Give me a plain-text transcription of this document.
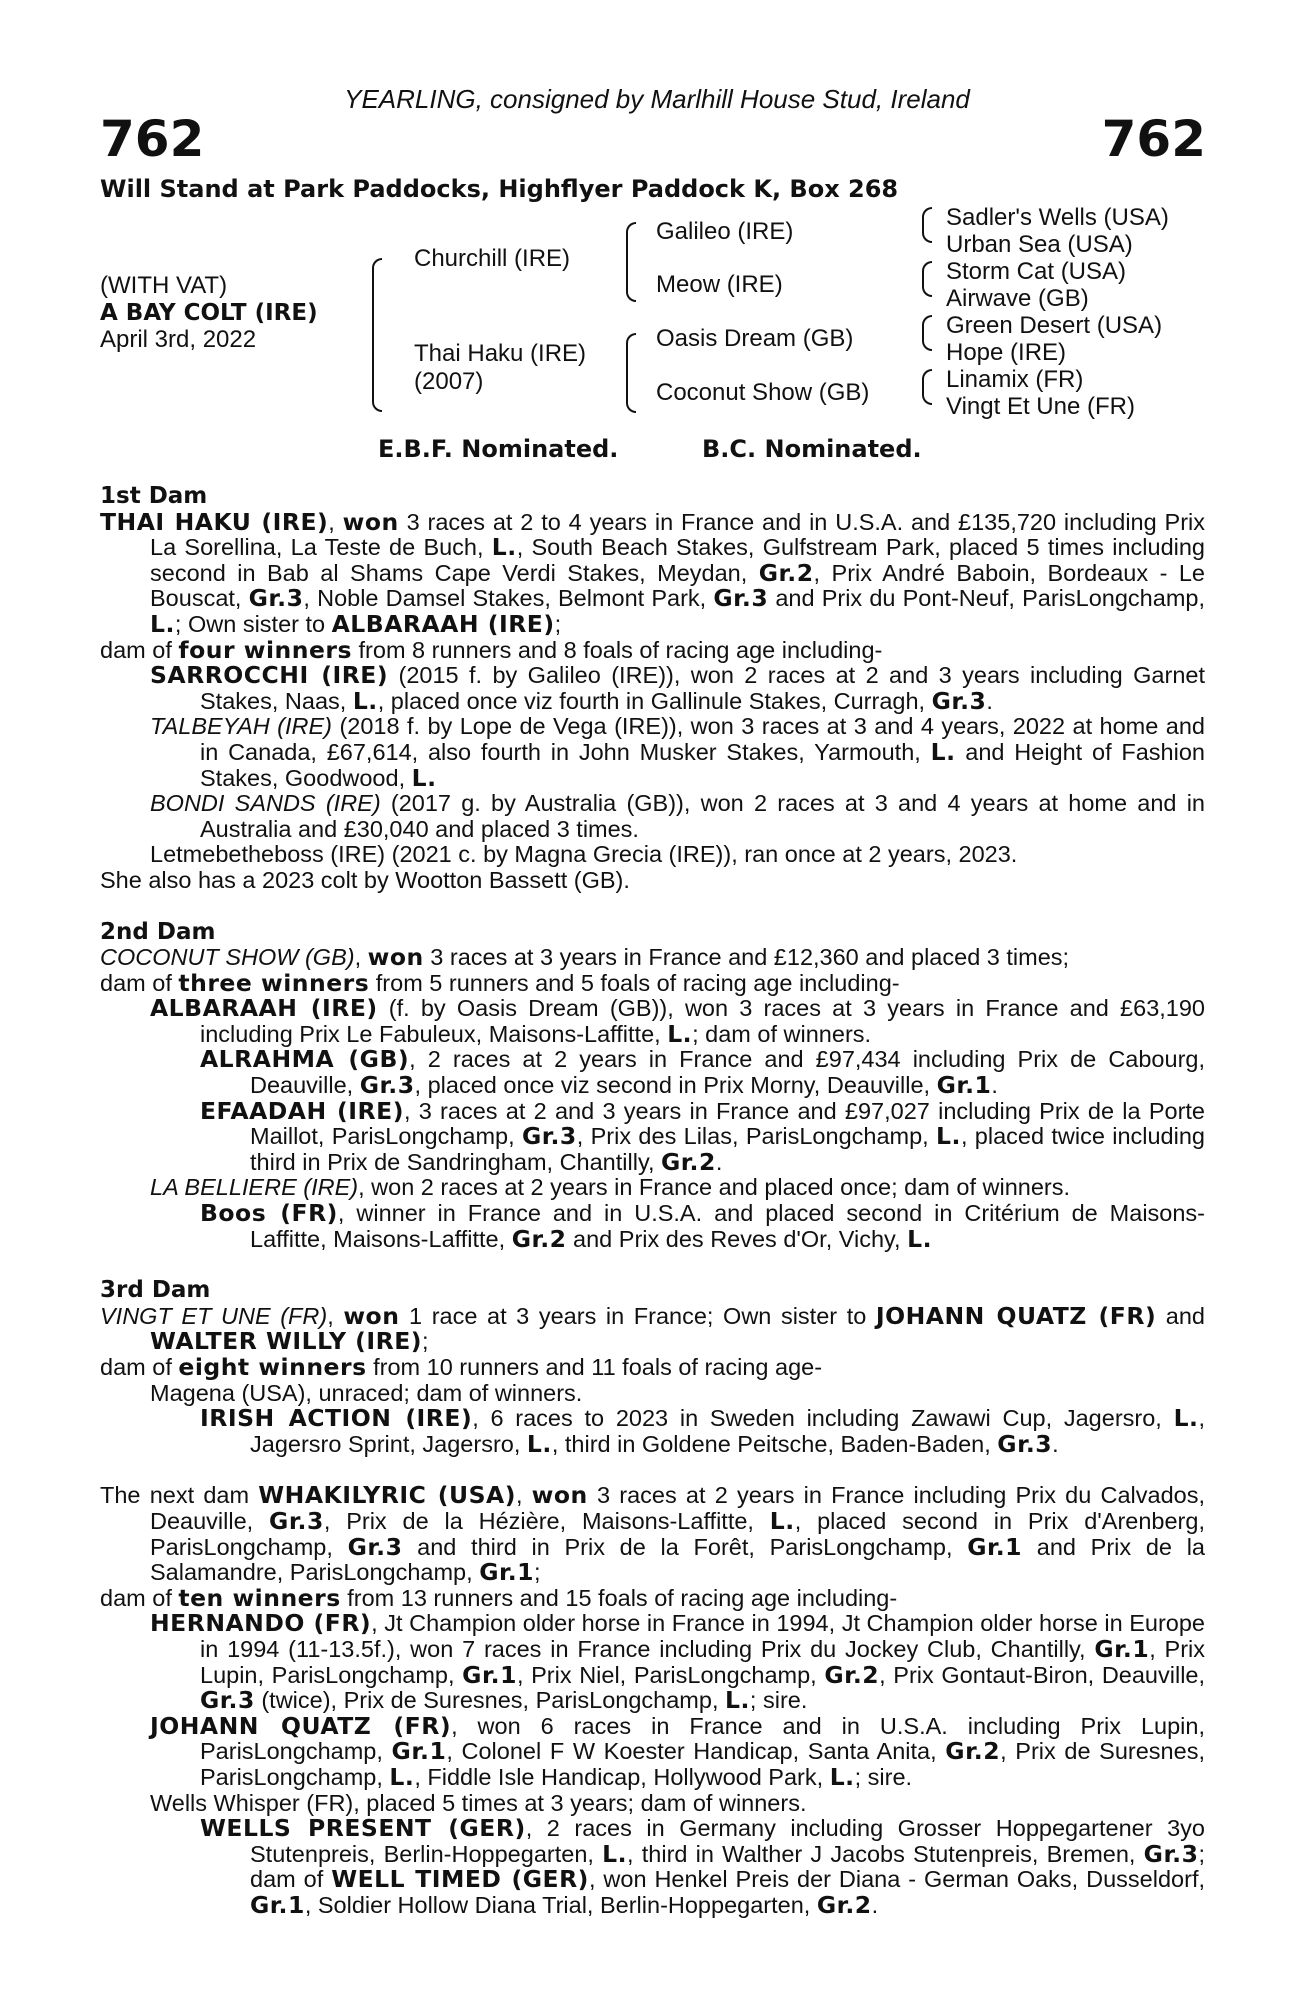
YEARLING, consigned by Marlhill House Stud, Ireland
762	762
Will Stand at Park Paddocks, Highflyer Paddock K, Box 268
(WITH VAT)
A BAY COLT (IRE)
April 3rd, 2022
Churchill (IRE)
Thai Haku (IRE)
(2007)
Galileo (IRE)
Meow (IRE)
Oasis Dream (GB)
Coconut Show (GB)
Sadler's Wells (USA)
Urban Sea (USA)
Storm Cat (USA)
Airwave (GB)
Green Desert (USA)
Hope (IRE)
Linamix (FR)
Vingt Et Une (FR)
E.B.F. Nominated.	B.C. Nominated.

1st Dam

THAI HAKU (IRE), won 3 races at 2 to 4 years in France and in U.S.A. and £135,720 including Prix La Sorellina, La Teste de Buch, L., South Beach Stakes, Gulfstream Park, placed 5 times including second in Bab al Shams Cape Verdi Stakes, Meydan, Gr.2, Prix André Baboin, Bordeaux - Le Bouscat, Gr.3, Noble Damsel Stakes, Belmont Park, Gr.3 and Prix du Pont-Neuf, ParisLongchamp, L.; Own sister to ALBARAAH (IRE);

dam of four winners from 8 runners and 8 foals of racing age including-

SARROCCHI (IRE) (2015 f. by Galileo (IRE)), won 2 races at 2 and 3 years including Garnet Stakes, Naas, L., placed once viz fourth in Gallinule Stakes, Curragh, Gr.3.

TALBEYAH (IRE) (2018 f. by Lope de Vega (IRE)), won 3 races at 3 and 4 years, 2022 at home and in Canada, £67,614, also fourth in John Musker Stakes, Yarmouth, L. and Height of Fashion Stakes, Goodwood, L.

BONDI SANDS (IRE) (2017 g. by Australia (GB)), won 2 races at 3 and 4 years at home and in Australia and £30,040 and placed 3 times.

Letmebetheboss (IRE) (2021 c. by Magna Grecia (IRE)), ran once at 2 years, 2023.

She also has a 2023 colt by Wootton Bassett (GB).

2nd Dam

COCONUT SHOW (GB), won 3 races at 3 years in France and £12,360 and placed 3 times;

dam of three winners from 5 runners and 5 foals of racing age including-

ALBARAAH (IRE) (f. by Oasis Dream (GB)), won 3 races at 3 years in France and £63,190 including Prix Le Fabuleux, Maisons-Laffitte, L.; dam of winners.

ALRAHMA (GB), 2 races at 2 years in France and £97,434 including Prix de Cabourg, Deauville, Gr.3, placed once viz second in Prix Morny, Deauville, Gr.1.

EFAADAH (IRE), 3 races at 2 and 3 years in France and £97,027 including Prix de la Porte Maillot, ParisLongchamp, Gr.3, Prix des Lilas, ParisLongchamp, L., placed twice including third in Prix de Sandringham, Chantilly, Gr.2.

LA BELLIERE (IRE), won 2 races at 2 years in France and placed once; dam of winners.

Boos (FR), winner in France and in U.S.A. and placed second in Critérium de Maisons-Laffitte, Maisons-Laffitte, Gr.2 and Prix des Reves d'Or, Vichy, L.

3rd Dam

VINGT ET UNE (FR), won 1 race at 3 years in France; Own sister to JOHANN QUATZ (FR) and WALTER WILLY (IRE);

dam of eight winners from 10 runners and 11 foals of racing age-

Magena (USA), unraced; dam of winners.

IRISH ACTION (IRE), 6 races to 2023 in Sweden including Zawawi Cup, Jagersro, L., Jagersro Sprint, Jagersro, L., third in Goldene Peitsche, Baden-Baden, Gr.3.

The next dam WHAKILYRIC (USA), won 3 races at 2 years in France including Prix du Calvados, Deauville, Gr.3, Prix de la Hézière, Maisons-Laffitte, L., placed second in Prix d'Arenberg, ParisLongchamp, Gr.3 and third in Prix de la Forêt, ParisLongchamp, Gr.1 and Prix de la Salamandre, ParisLongchamp, Gr.1;

dam of ten winners from 13 runners and 15 foals of racing age including-

HERNANDO (FR), Jt Champion older horse in France in 1994, Jt Champion older horse in Europe in 1994 (11-13.5f.), won 7 races in France including Prix du Jockey Club, Chantilly, Gr.1, Prix Lupin, ParisLongchamp, Gr.1, Prix Niel, ParisLongchamp, Gr.2, Prix Gontaut-Biron, Deauville, Gr.3 (twice), Prix de Suresnes, ParisLongchamp, L.; sire.

JOHANN QUATZ (FR), won 6 races in France and in U.S.A. including Prix Lupin, ParisLongchamp, Gr.1, Colonel F W Koester Handicap, Santa Anita, Gr.2, Prix de Suresnes, ParisLongchamp, L., Fiddle Isle Handicap, Hollywood Park, L.; sire.

Wells Whisper (FR), placed 5 times at 3 years; dam of winners.

WELLS PRESENT (GER), 2 races in Germany including Grosser Hoppegartener 3yo Stutenpreis, Berlin-Hoppegarten, L., third in Walther J Jacobs Stutenpreis, Bremen, Gr.3; dam of WELL TIMED (GER), won Henkel Preis der Diana - German Oaks, Dusseldorf, Gr.1, Soldier Hollow Diana Trial, Berlin-Hoppegarten, Gr.2.
